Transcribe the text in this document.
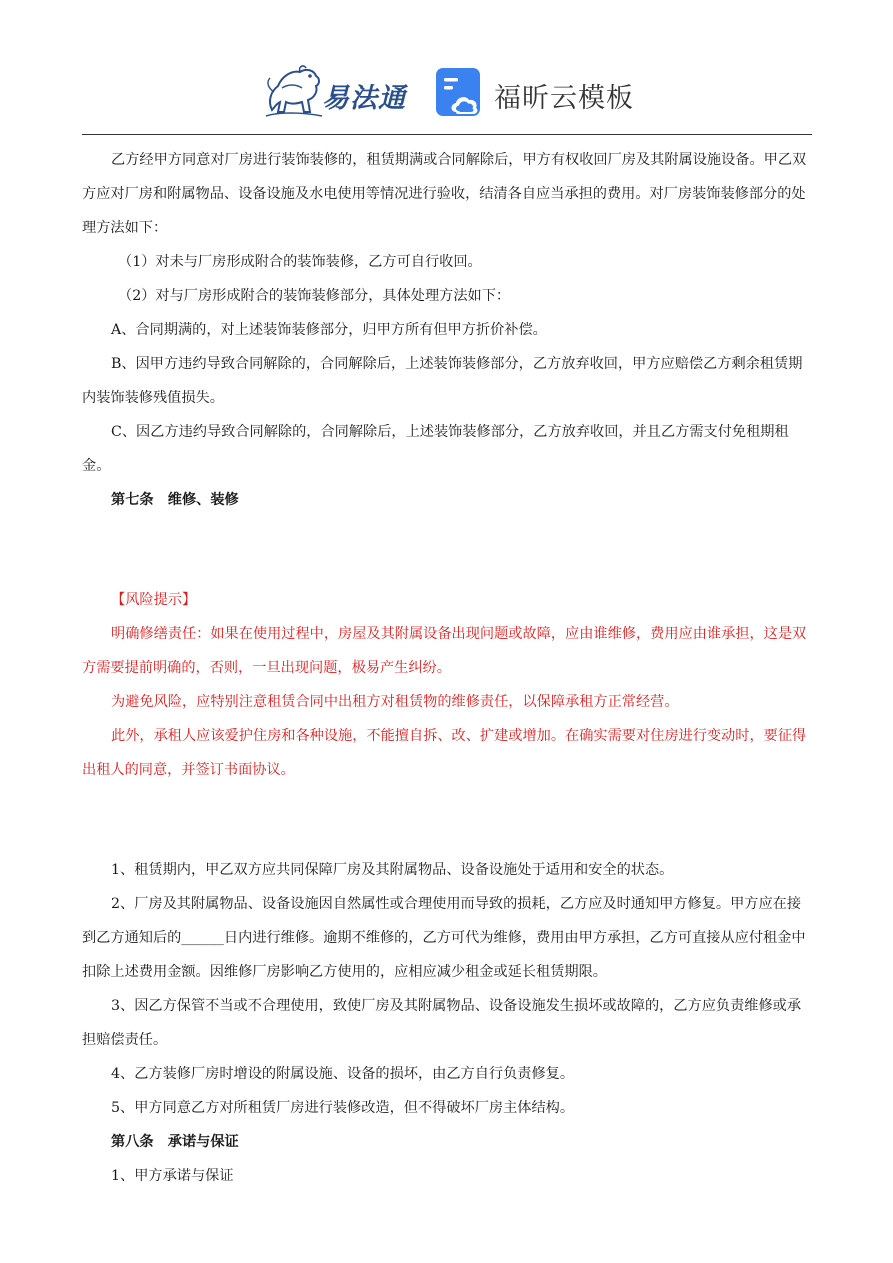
易法通	福昕云模板

乙方经甲方同意对厂房进行装饰装修的，租赁期满或合同解除后，甲方有权收回厂房及其附属设施设备。甲乙双方应对厂房和附属物品、设备设施及水电使用等情况进行验收，结清各自应当承担的费用。对厂房装饰装修部分的处理方法如下：

（1）对未与厂房形成附合的装饰装修，乙方可自行收回。

（2）对与厂房形成附合的装饰装修部分，具体处理方法如下：

A、合同期满的，对上述装饰装修部分，归甲方所有但甲方折价补偿。

B、因甲方违约导致合同解除的，合同解除后，上述装饰装修部分，乙方放弃收回，甲方应赔偿乙方剩余租赁期内装饰装修残值损失。

C、因乙方违约导致合同解除的，合同解除后，上述装饰装修部分，乙方放弃收回，并且乙方需支付免租期租金。

第七条　维修、装修

【风险提示】

明确修缮责任：如果在使用过程中，房屋及其附属设备出现问题或故障，应由谁维修，费用应由谁承担，这是双方需要提前明确的，否则，一旦出现问题，极易产生纠纷。

为避免风险，应特别注意租赁合同中出租方对租赁物的维修责任，以保障承租方正常经营。

此外，承租人应该爱护住房和各种设施，不能擅自拆、改、扩建或增加。在确实需要对住房进行变动时，要征得出租人的同意，并签订书面协议。

1、租赁期内，甲乙双方应共同保障厂房及其附属物品、设备设施处于适用和安全的状态。

2、厂房及其附属物品、设备设施因自然属性或合理使用而导致的损耗，乙方应及时通知甲方修复。甲方应在接到乙方通知后的______日内进行维修。逾期不维修的，乙方可代为维修，费用由甲方承担，乙方可直接从应付租金中扣除上述费用金额。因维修厂房影响乙方使用的，应相应减少租金或延长租赁期限。

3、因乙方保管不当或不合理使用，致使厂房及其附属物品、设备设施发生损坏或故障的，乙方应负责维修或承担赔偿责任。

4、乙方装修厂房时增设的附属设施、设备的损坏，由乙方自行负责修复。

5、甲方同意乙方对所租赁厂房进行装修改造，但不得破坏厂房主体结构。

第八条　承诺与保证

1、甲方承诺与保证
